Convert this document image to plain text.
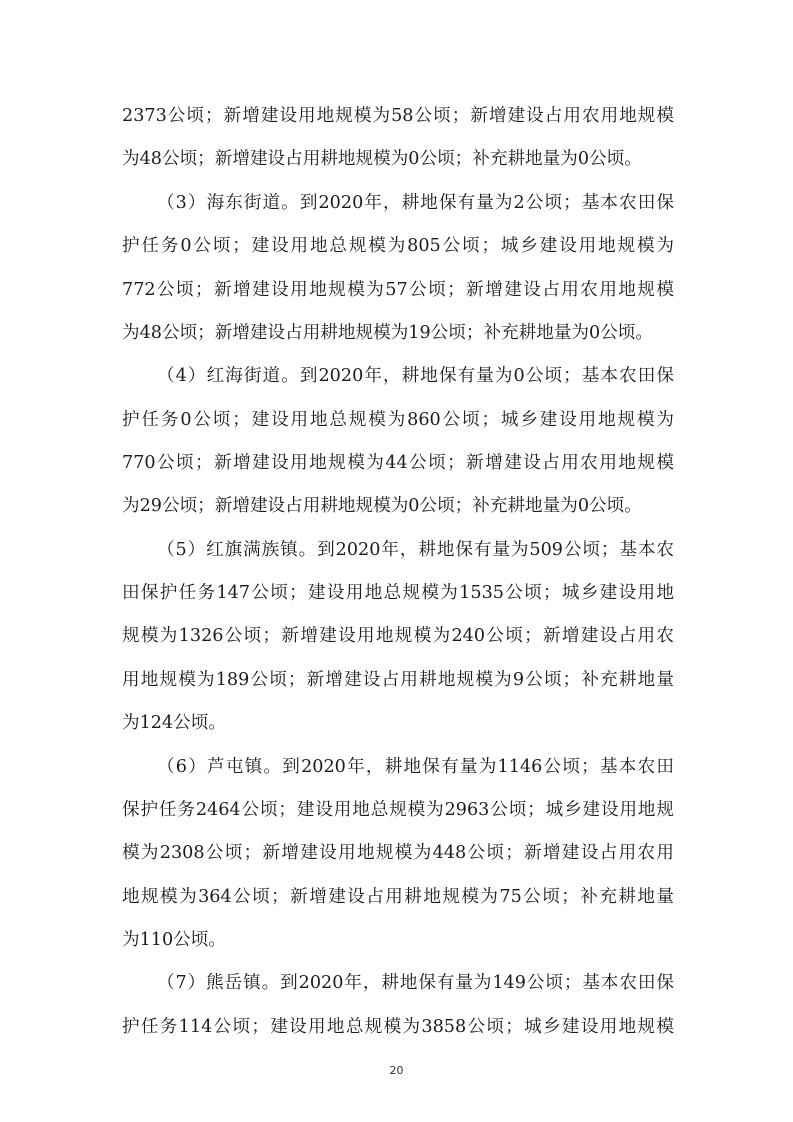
2373公顷；新增建设用地规模为58公顷；新增建设占用农用地规模
为48公顷；新增建设占用耕地规模为0公顷；补充耕地量为0公顷。
（3）海东街道。到2020年，耕地保有量为2公顷；基本农田保
护任务0公顷；建设用地总规模为805公顷；城乡建设用地规模为
772公顷；新增建设用地规模为57公顷；新增建设占用农用地规模
为48公顷；新增建设占用耕地规模为19公顷；补充耕地量为0公顷。
（4）红海街道。到2020年，耕地保有量为0公顷；基本农田保
护任务0公顷；建设用地总规模为860公顷；城乡建设用地规模为
770公顷；新增建设用地规模为44公顷；新增建设占用农用地规模
为29公顷；新增建设占用耕地规模为0公顷；补充耕地量为0公顷。
（5）红旗满族镇。到2020年，耕地保有量为509公顷；基本农
田保护任务147公顷；建设用地总规模为1535公顷；城乡建设用地
规模为1326公顷；新增建设用地规模为240公顷；新增建设占用农
用地规模为189公顷；新增建设占用耕地规模为9公顷；补充耕地量
为124公顷。
（6）芦屯镇。到2020年，耕地保有量为1146公顷；基本农田
保护任务2464公顷；建设用地总规模为2963公顷；城乡建设用地规
模为2308公顷；新增建设用地规模为448公顷；新增建设占用农用
地规模为364公顷；新增建设占用耕地规模为75公顷；补充耕地量
为110公顷。
（7）熊岳镇。到2020年，耕地保有量为149公顷；基本农田保
护任务114公顷；建设用地总规模为3858公顷；城乡建设用地规模
20
